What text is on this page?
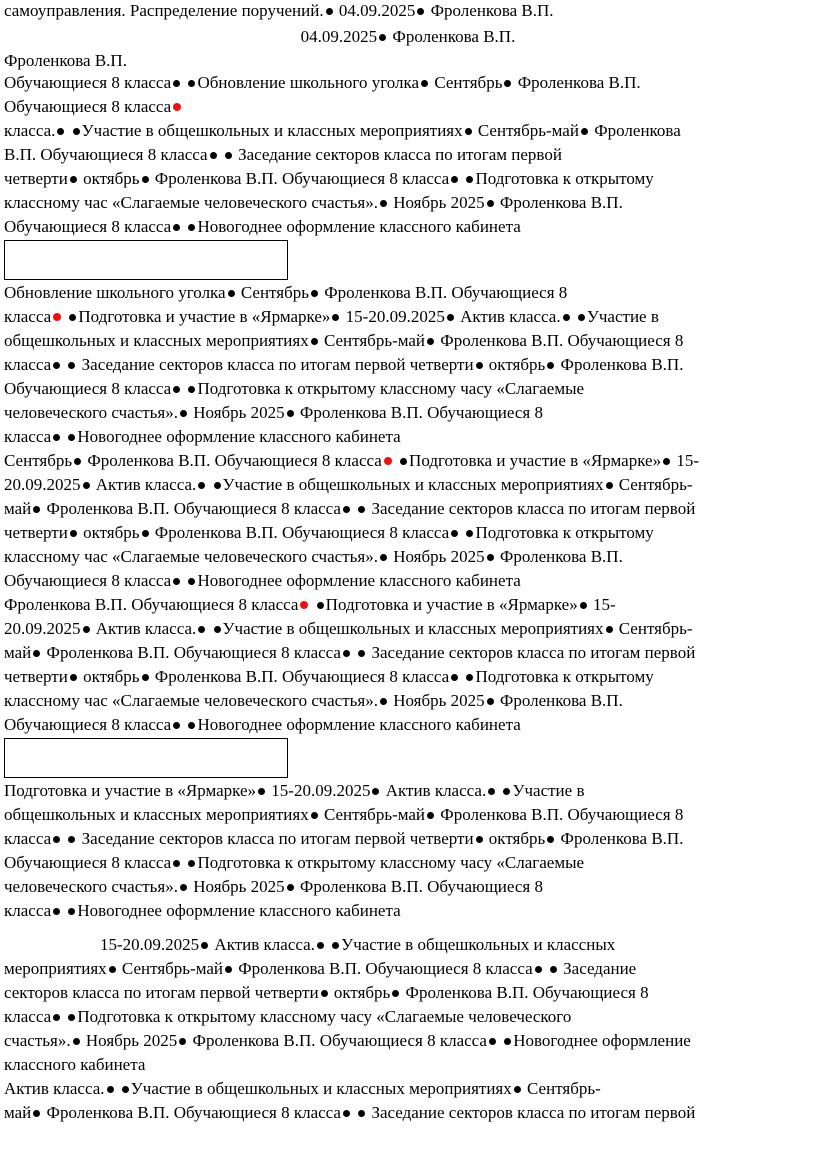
самоуправления. Распределение поручений. 04.09.2025 Фроленкова В.П.
04.09.2025 Фроленкова В.П.
Фроленкова В.П.
Обучающиеся 8 класса Обновление школьного уголка Сентябрь Фроленкова В.П.
Обучающиеся 8 класса
класса. Участие в общешкольных и классных мероприятиях Сентябрь-май Фроленкова
В.П. Обучающиеся 8 класса  Заседание секторов класса по итогам первой
четверти октябрь Фроленкова В.П. Обучающиеся 8 класса Подготовка к открытому
классному час «Слагаемые человеческого счастья». Ноябрь 2025 Фроленкова В.П.
Обучающиеся 8 класса Новогоднее оформление классного кабинета
Обновление школьного уголка Сентябрь Фроленкова В.П. Обучающиеся 8
класса Подготовка и участие в «Ярмарке» 15-20.09.2025 Актив класса. Участие в
общешкольных и классных мероприятиях Сентябрь-май Фроленкова В.П. Обучающиеся 8
класса  Заседание секторов класса по итогам первой четверти октябрь Фроленкова В.П.
Обучающиеся 8 класса Подготовка к открытому классному часу «Слагаемые
человеческого счастья». Ноябрь 2025 Фроленкова В.П. Обучающиеся 8
класса Новогоднее оформление классного кабинета
Сентябрь Фроленкова В.П. Обучающиеся 8 класса Подготовка и участие в «Ярмарке» 15-
20.09.2025 Актив класса. Участие в общешкольных и классных мероприятиях Сентябрь-
май Фроленкова В.П. Обучающиеся 8 класса  Заседание секторов класса по итогам первой
четверти октябрь Фроленкова В.П. Обучающиеся 8 класса Подготовка к открытому
классному час «Слагаемые человеческого счастья». Ноябрь 2025 Фроленкова В.П.
Обучающиеся 8 класса Новогоднее оформление классного кабинета
Фроленкова В.П. Обучающиеся 8 класса Подготовка и участие в «Ярмарке» 15-
20.09.2025 Актив класса. Участие в общешкольных и классных мероприятиях Сентябрь-
май Фроленкова В.П. Обучающиеся 8 класса  Заседание секторов класса по итогам первой
четверти октябрь Фроленкова В.П. Обучающиеся 8 класса Подготовка к открытому
классному час «Слагаемые человеческого счастья». Ноябрь 2025 Фроленкова В.П.
Обучающиеся 8 класса Новогоднее оформление классного кабинета
Подготовка и участие в «Ярмарке» 15-20.09.2025 Актив класса. Участие в
общешкольных и классных мероприятиях Сентябрь-май Фроленкова В.П. Обучающиеся 8
класса  Заседание секторов класса по итогам первой четверти октябрь Фроленкова В.П.
Обучающиеся 8 класса Подготовка к открытому классному часу «Слагаемые
человеческого счастья». Ноябрь 2025 Фроленкова В.П. Обучающиеся 8
класса Новогоднее оформление классного кабинета
15-20.09.2025 Актив класса. Участие в общешкольных и классных
мероприятиях Сентябрь-май Фроленкова В.П. Обучающиеся 8 класса  Заседание
секторов класса по итогам первой четверти октябрь Фроленкова В.П. Обучающиеся 8
класса Подготовка к открытому классному часу «Слагаемые человеческого
счастья». Ноябрь 2025 Фроленкова В.П. Обучающиеся 8 класса Новогоднее оформление
классного кабинета
Актив класса. Участие в общешкольных и классных мероприятиях Сентябрь-
май Фроленкова В.П. Обучающиеся 8 класса  Заседание секторов класса по итогам первой
